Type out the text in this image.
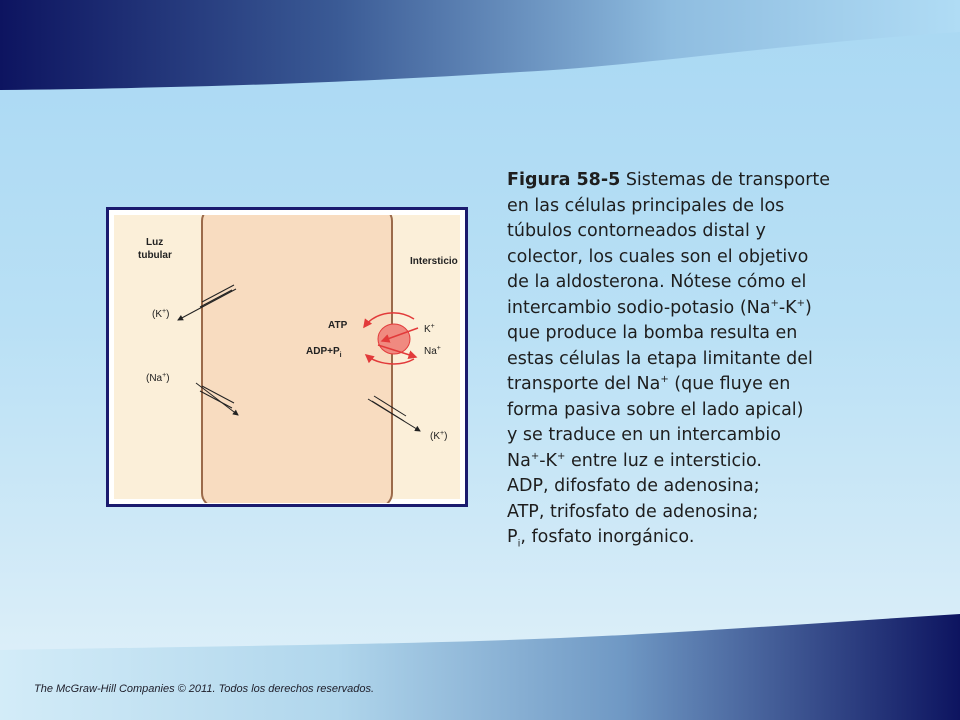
Luz
tubular
Intersticio
(K+)
(Na+)
ATP
$ADP+P_i$
K+
Na+
(K+)
Figura 58-5 Sistemas de transporte
en las células principales de los
túbulos contorneados distal y
colector, los cuales son el objetivo
de la aldosterona. Nótese cómo el
intercambio sodio-potasio (Na+-K+)
que produce la bomba resulta en
estas células la etapa limitante del
transporte del Na+ (que fluye en
forma pasiva sobre el lado apical)
y se traduce en un intercambio
Na+-K+ entre luz e intersticio.
ADP, difosfato de adenosina;
ATP, trifosfato de adenosina;
$P_i$, fosfato inorgánico.
The McGraw-Hill Companies © 2011. Todos los derechos reservados.
